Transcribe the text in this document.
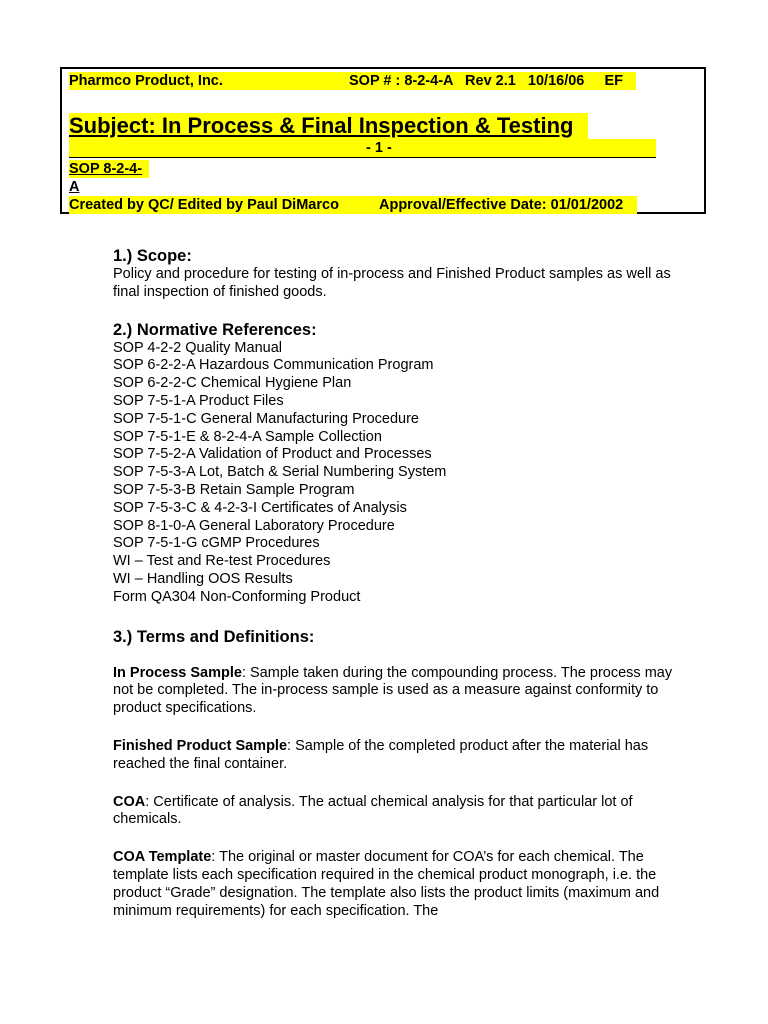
Pharmco Product, Inc.	SOP # : 8-2-4-A   Rev 2.1   10/16/06     EF
Subject: In Process & Final Inspection & Testing
- 1 -
SOP 8-2-4-A
Created by QC/ Edited by Paul DiMarco	Approval/Effective Date: 01/01/2002
1.) Scope:

Policy and procedure for testing of in-process and Finished Product samples as well as final inspection of finished goods.

2.) Normative References:
SOP 4-2-2 Quality Manual
SOP 6-2-2-A Hazardous Communication Program
SOP 6-2-2-C Chemical Hygiene Plan
SOP 7-5-1-A Product Files
SOP 7-5-1-C General Manufacturing Procedure
SOP 7-5-1-E & 8-2-4-A Sample Collection
SOP 7-5-2-A Validation of Product and Processes
SOP 7-5-3-A Lot, Batch & Serial Numbering System
SOP 7-5-3-B Retain Sample Program
SOP 7-5-3-C & 4-2-3-I Certificates of Analysis
SOP 8-1-0-A General Laboratory Procedure
SOP 7-5-1-G cGMP Procedures
WI – Test and Re-test Procedures
WI – Handling OOS Results
Form QA304 Non-Conforming Product
3.) Terms and Definitions:

In Process Sample: Sample taken during the compounding process. The process may not be completed. The in-process sample is used as a measure against conformity to product specifications.

Finished Product Sample: Sample of the completed product after the material has reached the final container.

COA: Certificate of analysis. The actual chemical analysis for that particular lot of chemicals.

COA Template: The original or master document for COA’s for each chemical. The template lists each specification required in the chemical product monograph, i.e. the product “Grade” designation. The template also lists the product limits (maximum and minimum requirements) for each specification. The
